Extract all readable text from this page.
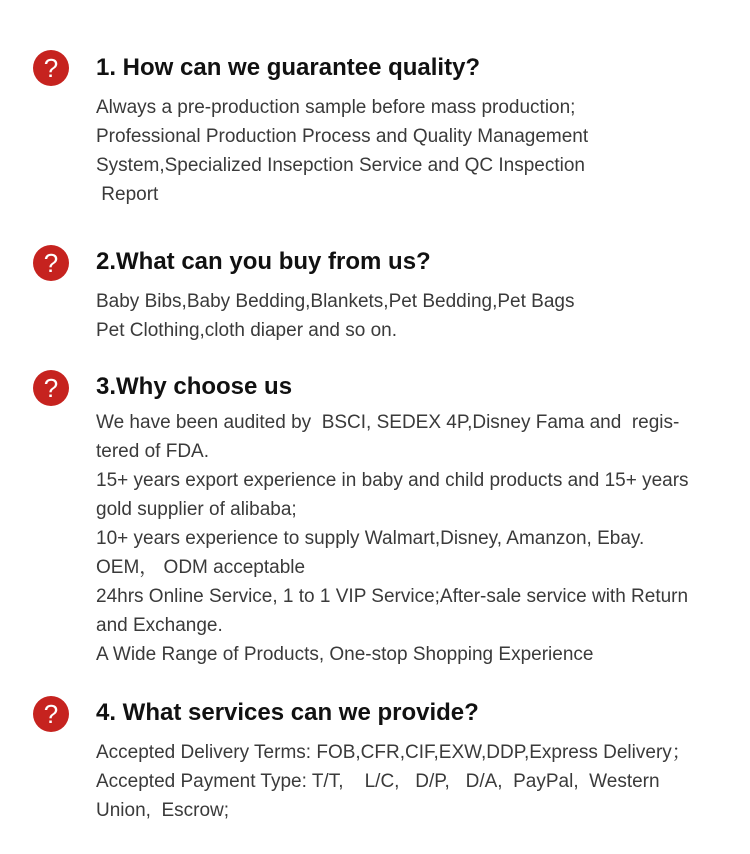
?	1. How can we guarantee quality?
Always a pre-production sample before mass production;
Professional Production Process and Quality Management
System,Specialized Insepction Service and QC Inspection
Report
?	2.What can you buy from us?
Baby Bibs,Baby Bedding,Blankets,Pet Bedding,Pet Bags
Pet Clothing,cloth diaper and so on.
?	3.Why choose us
We have been audited by  BSCI, SEDEX 4P,Disney Fama and  regis-
tered of FDA.
15+ years export experience in baby and child products and 15+ years
gold supplier of alibaba;
10+ years experience to supply Walmart,Disney, Amanzon, Ebay.
OEM， ODM acceptable
24hrs Online Service, 1 to 1 VIP Service;After-sale service with Return
and Exchange.
A Wide Range of Products, One-stop Shopping Experience
?	4. What services can we provide?
Accepted Delivery Terms: FOB,CFR,CIF,EXW,DDP,Express Delivery；
Accepted Payment Type: T/T,    L/C,   D/P,   D/A,  PayPal,  Western
Union,  Escrow;
